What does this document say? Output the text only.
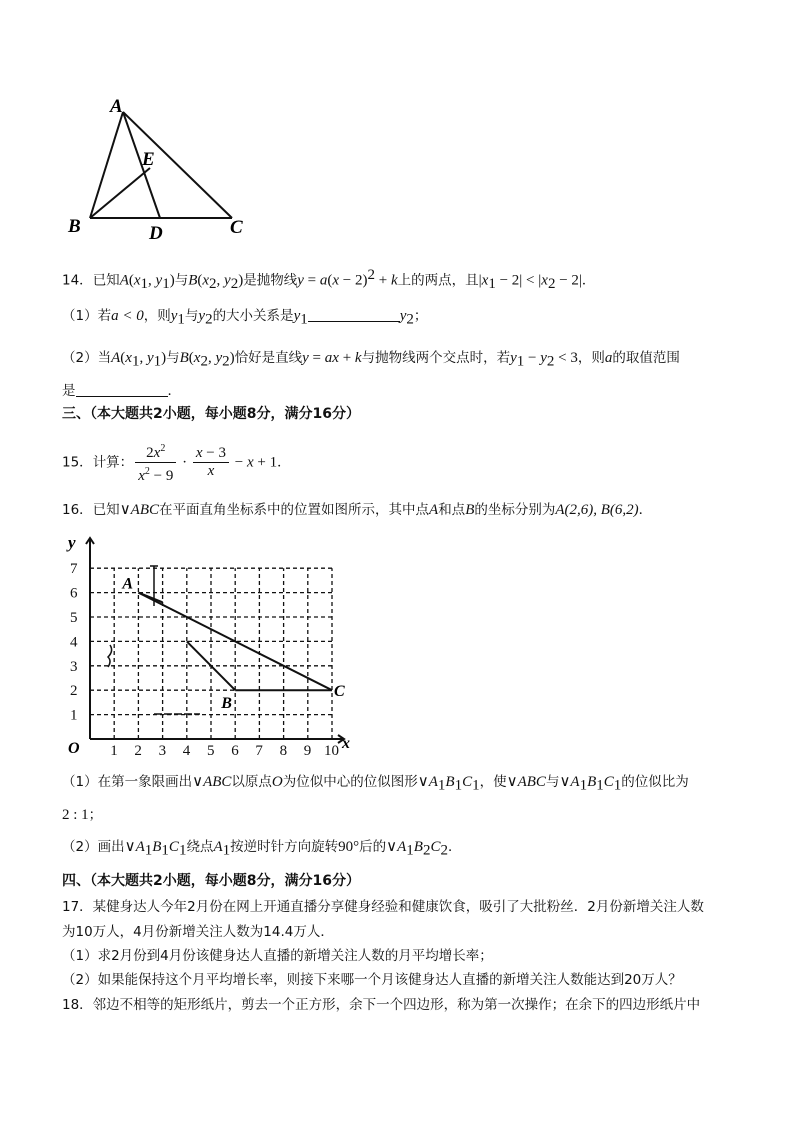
A
E
B	D	C
14．已知$A(x_1$, $y_1$)与$B(x_2$, $y_2$)是抛物线$y = a(x - 2)^2 + k$上的两点，且$|x_1 - 2| < |x_2 - 2|$．
（1）若a < 0，则$y_1$与$y_2$的大小关系是$y_1$	$y_2$；
（2）当$A(x_1$, $y_1$)与$B(x_2$, $y_2$)恰好是直线y = ax + k与抛物线两个交点时，若$y_1 - y_2 < 3$，则a的取值范围
是	．
三、（本大题共2小题，每小题8分，满分16分）
15．计算： $\frac{2x^2}{x^2 - 9} \cdot \frac{x - 3}{x} - x + 1$．
16．已知∨ABC在平面直角坐标系中的位置如图所示，其中点A和点B的坐标分别为A(2,6), B(6,2)．
1 2 3 4 5 6 7 8 9 10
1
2
3
4
5
6
7
y
x
O
A
B
C
（1）在第一象限画出∨ABC以原点O为位似中心的位似图形$\vee A_1B_1C_1$，使∨ABC与$\vee A_1B_1C_1$的位似比为
2 : 1；
（2）画出$\vee A_1B_1C_1$绕点$A_1$按逆时针方向旋转90°后的$\vee A_1B_2C_2$．
四、（本大题共2小题，每小题8分，满分16分）
17．某健身达人今年2月份在网上开通直播分享健身经验和健康饮食，吸引了大批粉丝．2月份新增关注人数
为10万人，4月份新增关注人数为14.4万人．
（1）求2月份到4月份该健身达人直播的新增关注人数的月平均增长率；
（2）如果能保持这个月平均增长率，则接下来哪一个月该健身达人直播的新增关注人数能达到20万人？
18．邻边不相等的矩形纸片，剪去一个正方形，余下一个四边形，称为第一次操作；在余下的四边形纸片中
